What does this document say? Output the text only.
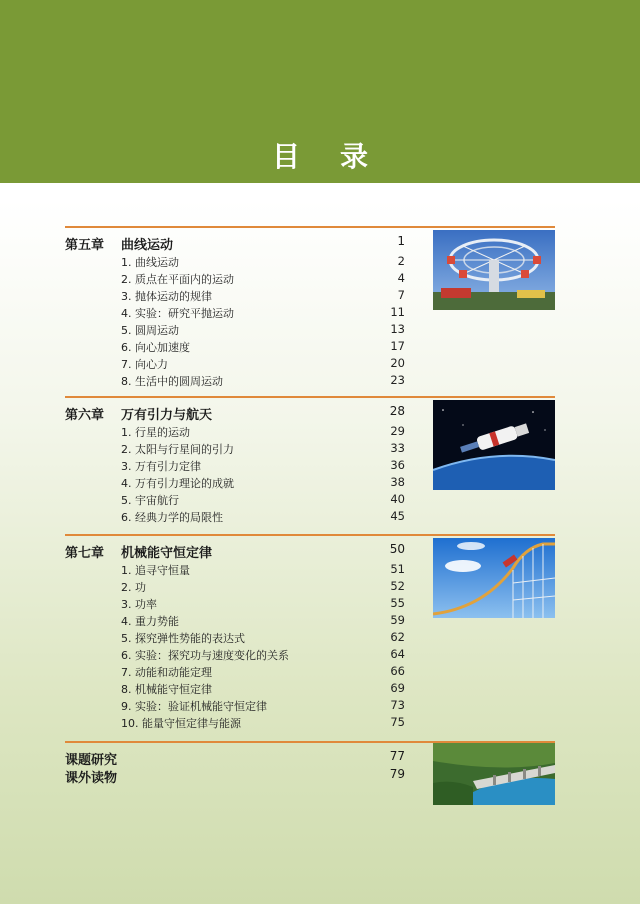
目录
第五章 曲线运动	1
1. 曲线运动	2
2. 质点在平面内的运动	4
3. 抛体运动的规律	7
4. 实验：研究平抛运动	11
5. 圆周运动	13
6. 向心加速度	17
7. 向心力	20
8. 生活中的圆周运动	23
第六章 万有引力与航天	28
1. 行星的运动	29
2. 太阳与行星间的引力	33
3. 万有引力定律	36
4. 万有引力理论的成就	38
5. 宇宙航行	40
6. 经典力学的局限性	45
第七章 机械能守恒定律	50
1. 追寻守恒量	51
2. 功	52
3. 功率	55
4. 重力势能	59
5. 探究弹性势能的表达式	62
6. 实验：探究功与速度变化的关系	64
7. 动能和动能定理	66
8. 机械能守恒定律	69
9. 实验：验证机械能守恒定律	73
10. 能量守恒定律与能源	75
课题研究	77
课外读物	79
